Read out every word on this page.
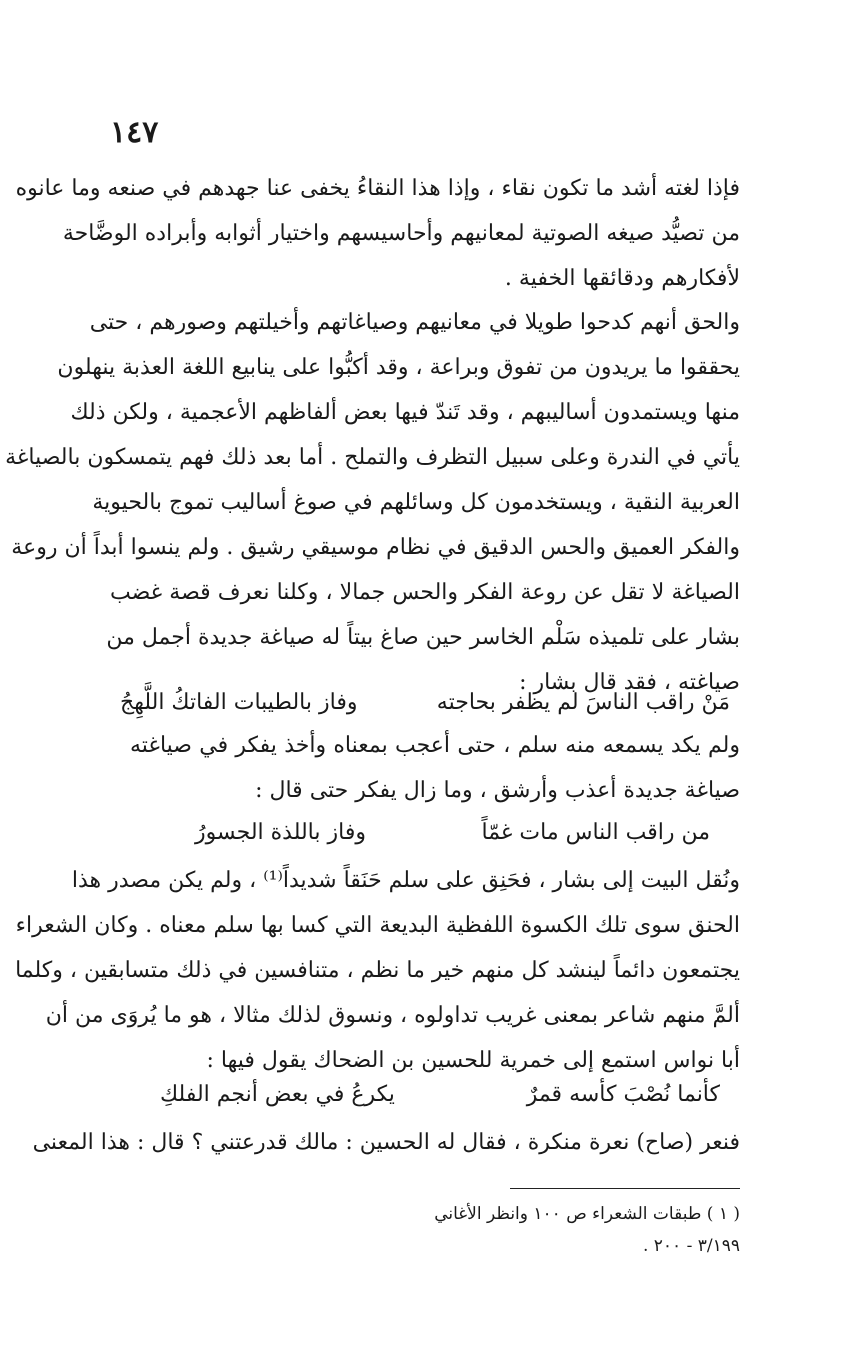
١٤٧
فإذا لغته أشد ما تكون نقاء ، وإذا هذا النقاءُ يخفى عنا جهدهم في صنعه وما عانوه
من تصيُّد صيغه الصوتية لمعانيهم وأحاسيسهم واختيار أثوابه وأبراده الوضَّاحة
لأفكارهم ودقائقها الخفية .
والحق أنهم كدحوا طويلا في معانيهم وصياغاتهم وأخيلتهم وصورهم ، حتى
يحققوا ما يريدون من تفوق وبراعة ، وقد أكبُّوا على ينابيع اللغة العذبة ينهلون
منها ويستمدون أساليبهم ، وقد تَندّ فيها بعض ألفاظهم الأعجمية ، ولكن ذلك
يأتي في الندرة وعلى سبيل التظرف والتملح . أما بعد ذلك فهم يتمسكون بالصياغة
العربية النقية ، ويستخدمون كل وسائلهم في صوغ أساليب تموج بالحيوية
والفكر العميق والحس الدقيق في نظام موسيقي رشيق . ولم ينسوا أبداً أن روعة
الصياغة لا تقل عن روعة الفكر والحس جمالا ، وكلنا نعرف قصة غضب
بشار على تلميذه سَلْم الخاسر حين صاغ بيتاً له صياغة جديدة أجمل من
صياغته ، فقد قال بشار :
مَنْ راقب الناسَ لم يظفر بحاجته
وفاز بالطيبات الفاتكُ اللَّهِجُ
ولم يكد يسمعه منه سلم ، حتى أعجب بمعناه وأخذ يفكر في صياغته
صياغة جديدة أعذب وأرشق ، وما زال يفكر حتى قال :
من راقب الناس مات غمّاً
وفاز باللذة الجسورُ
ونُقل البيت إلى بشار ، فحَنِق على سلم حَنَقاً شديداً⁽¹⁾ ، ولم يكن مصدر هذا
الحنق سوى تلك الكسوة اللفظية البديعة التي كسا بها سلم معناه . وكان الشعراء
يجتمعون دائماً لينشد كل منهم خير ما نظم ، متنافسين في ذلك متسابقين ، وكلما
ألمَّ منهم شاعر بمعنى غريب تداولوه ، ونسوق لذلك مثالا ، هو ما يُروَى من أن
أبا نواس استمع إلى خمرية للحسين بن الضحاك يقول فيها :
كأنما نُصْبَ كأسه قمرٌ
يكرعُ في بعض أنجم الفلكِ
فنعر (صاح) نعرة منكرة ، فقال له الحسين : مالك قدرعتني ؟ قال : هذا المعنى
( ١ ) طبقات الشعراء ص ١٠٠ وانظر الأغاني
٣/١٩٩ - ٢٠٠ .
